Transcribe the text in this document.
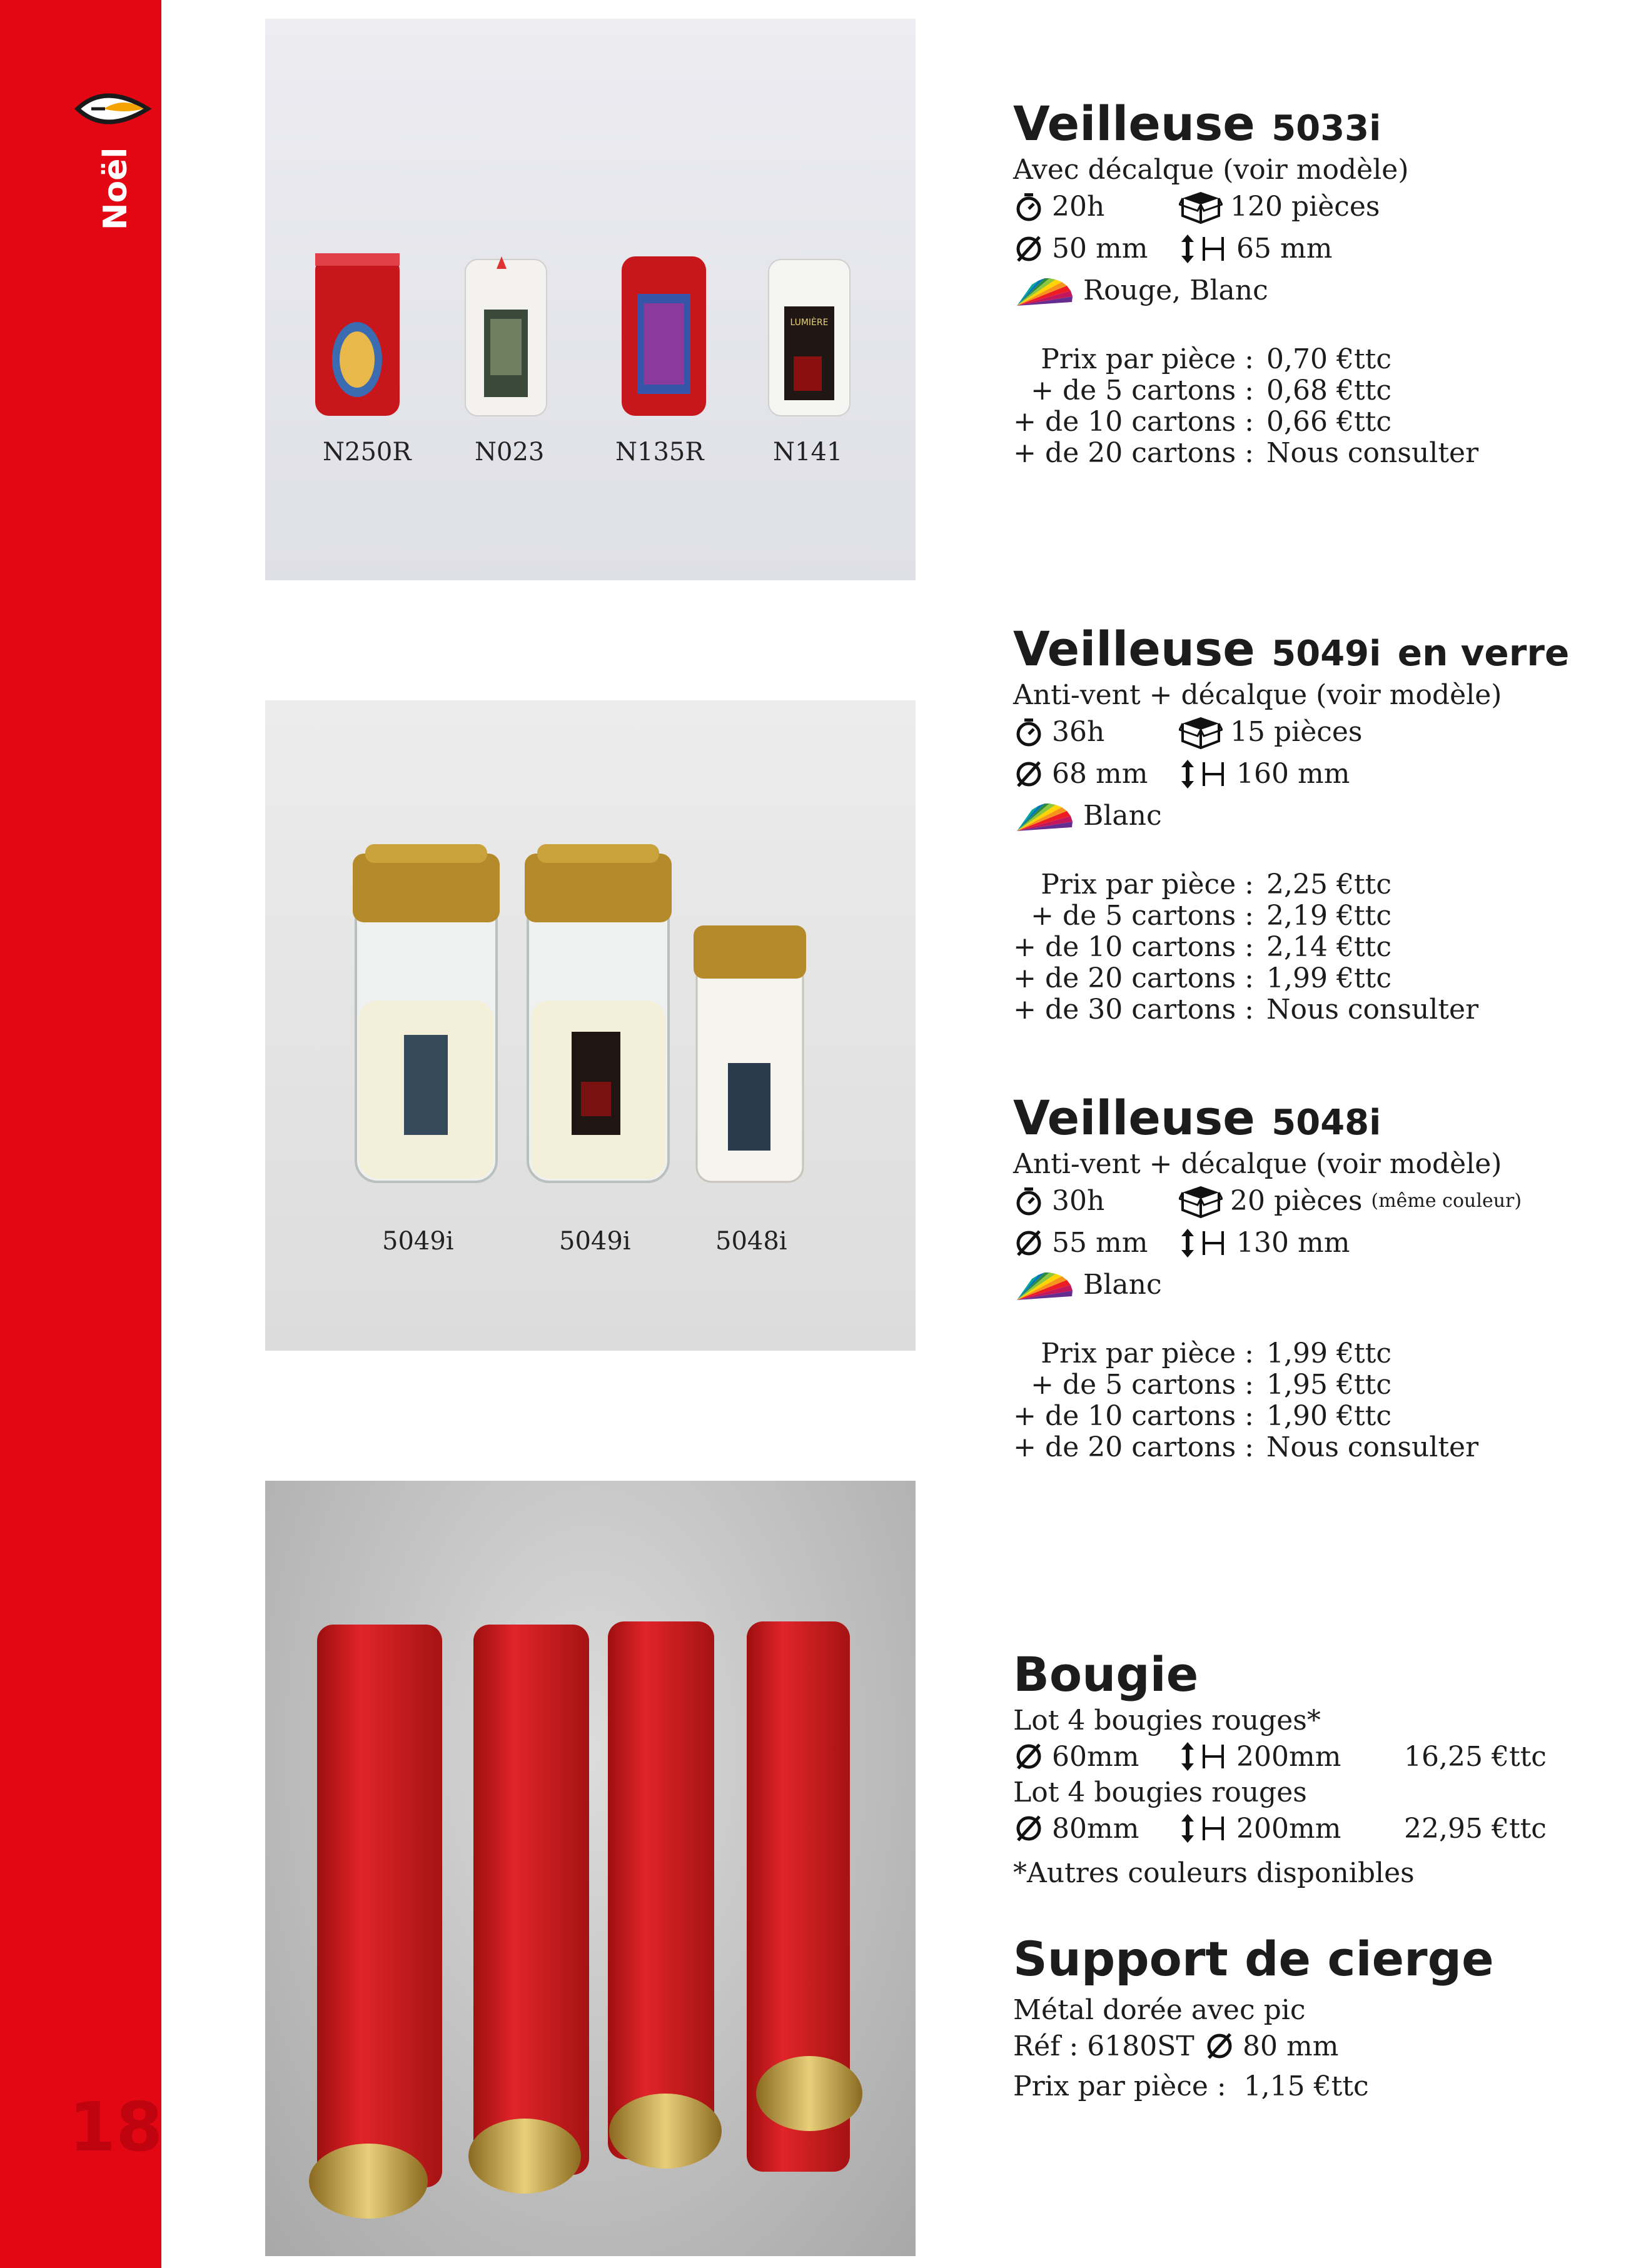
Noël
18
LUMIÈRE
N250R	N023	N135R	N141
5049i	5049i	5048i
Veilleuse 5033i
Avec décalque (voir modèle)
20h	120 pièces
50 mm	65 mm
Rouge, Blanc
Prix par pièce : 0,70 €ttc
+ de 5 cartons : 0,68 €ttc
+ de 10 cartons : 0,66 €ttc
+ de 20 cartons : Nous consulter
Veilleuse 5049i en verre
Anti-vent + décalque (voir modèle)
36h	15 pièces
68 mm	160 mm
Blanc
Prix par pièce : 2,25 €ttc
+ de 5 cartons : 2,19 €ttc
+ de 10 cartons : 2,14 €ttc
+ de 20 cartons : 1,99 €ttc
+ de 30 cartons : Nous consulter
Veilleuse 5048i
Anti-vent + décalque (voir modèle)
30h	20 pièces
(même couleur)
55 mm	130 mm
Blanc
Prix par pièce : 1,99 €ttc
+ de 5 cartons : 1,95 €ttc
+ de 10 cartons : 1,90 €ttc
+ de 20 cartons : Nous consulter
Bougie
Lot 4 bougies rouges*
60mm	200mm 16,25 €ttc
Lot 4 bougies rouges
80mm	200mm 22,95 €ttc
*Autres couleurs disponibles
Support de cierge
Métal dorée avec pic
Réf : 6180ST 80 mm
Prix par pièce :
1,15 €ttc
